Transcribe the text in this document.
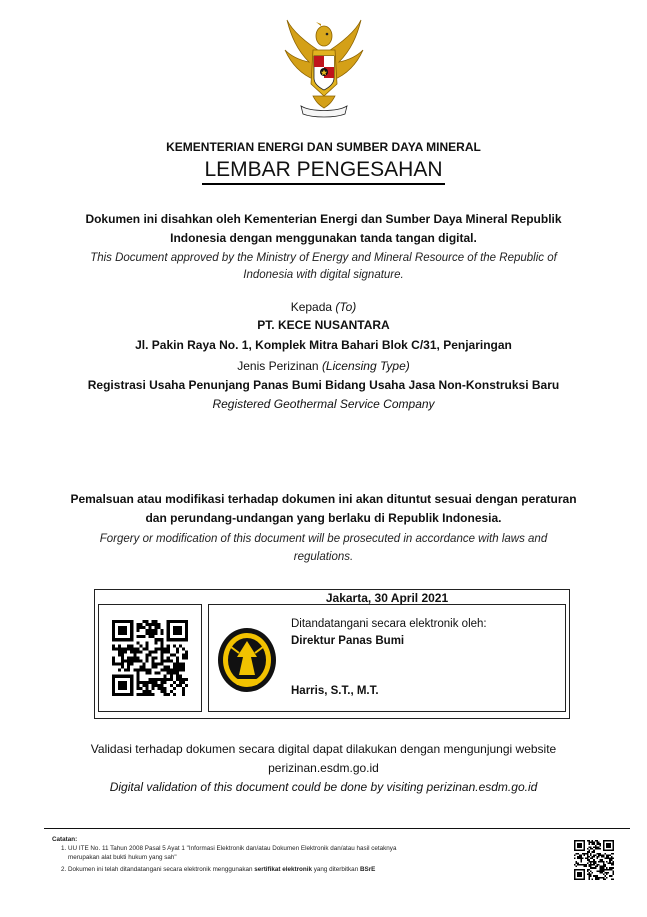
KEMENTERIAN ENERGI DAN SUMBER DAYA MINERAL
LEMBAR PENGESAHAN
Dokumen ini disahkan oleh Kementerian Energi dan Sumber Daya Mineral Republik
Indonesia dengan menggunakan tanda tangan digital.
This Document approved by the Ministry of Energy and Mineral Resource of the Republic of
Indonesia with digital signature.
Kepada (To)
PT. KECE NUSANTARA
Jl. Pakin Raya No. 1, Komplek Mitra Bahari Blok C/31, Penjaringan
Jenis Perizinan (Licensing Type)
Registrasi Usaha Penunjang Panas Bumi Bidang Usaha Jasa Non-Konstruksi Baru
Registered Geothermal Service Company
Pemalsuan atau modifikasi terhadap dokumen ini akan dituntut sesuai dengan peraturan
dan perundang-undangan yang berlaku di Republik Indonesia.
Forgery or modification of this document will be prosecuted in accordance with laws and
regulations.
Jakarta, 30 April 2021
Ditandatangani secara elektronik oleh:
Direktur Panas Bumi
Harris, S.T., M.T.
Validasi terhadap dokumen secara digital dapat dilakukan dengan mengunjungi website
perizinan.esdm.go.id
Digital validation of this document could be done by visiting perizinan.esdm.go.id
Catatan:
1. UU ITE No. 11 Tahun 2008 Pasal 5 Ayat 1 "Informasi Elektronik dan/atau Dokumen Elektronik dan/atau hasil cetaknya
merupakan alat bukti hukum yang sah"
2. Dokumen ini telah ditandatangani secara elektronik menggunakan sertifikat elektronik yang diterbitkan BSrE
